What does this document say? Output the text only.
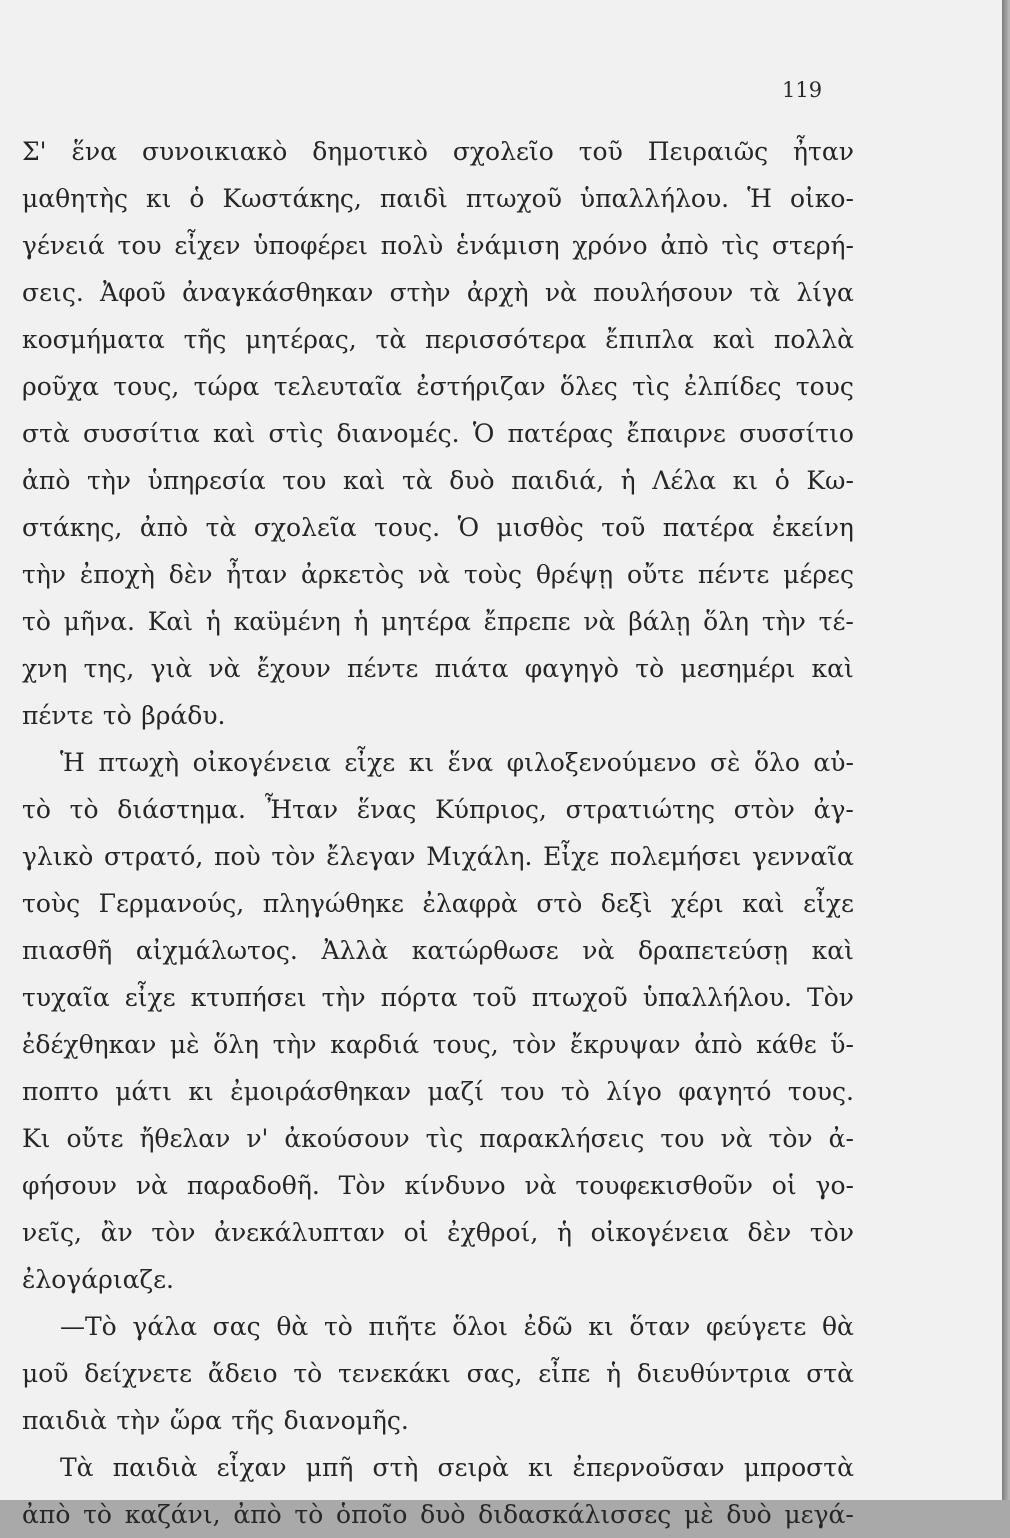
119
Σ' ἕνα συνοικιακὸ δημοτικὸ σχολεῖο τοῦ Πειραιῶς ἦταν
μαθητὴς κι ὁ Κωστάκης, παιδὶ πτωχοῦ ὑπαλλήλου. Ἡ οἰκο-
γένειά του εἶχεν ὑποφέρει πολὺ ἑνάμιση χρόνο ἀπὸ τὶς στερή-
σεις. Ἀφοῦ ἀναγκάσθηκαν στὴν ἀρχὴ νὰ πουλήσουν τὰ λίγα
κοσμήματα τῆς μητέρας, τὰ περισσότερα ἔπιπλα καὶ πολλὰ
ροῦχα τους, τώρα τελευταῖα ἐστήριζαν ὅλες τὶς ἐλπίδες τους
στὰ συσσίτια καὶ στὶς διανομές. Ὁ πατέρας ἔπαιρνε συσσίτιο
ἀπὸ τὴν ὑπηρεσία του καὶ τὰ δυὸ παιδιά, ἡ Λέλα κι ὁ Κω-
στάκης, ἀπὸ τὰ σχολεῖα τους. Ὁ μισθὸς τοῦ πατέρα ἐκείνη
τὴν ἐποχὴ δὲν ἦταν ἀρκετὸς νὰ τοὺς θρέψῃ οὔτε πέντε μέρες
τὸ μῆνα. Καὶ ἡ καϋμένη ἡ μητέρα ἔπρεπε νὰ βάλῃ ὅλη τὴν τέ-
χνη της, γιὰ νὰ ἔχουν πέντε πιάτα φαγηγὸ τὸ μεσημέρι καὶ
πέντε τὸ βράδυ.
Ἡ πτωχὴ οἰκογένεια εἶχε κι ἕνα φιλοξενούμενο σὲ ὅλο αὐ-
τὸ τὸ διάστημα. Ἦταν ἕνας Κύπριος, στρατιώτης στὸν ἀγ-
γλικὸ στρατό, ποὺ τὸν ἔλεγαν Μιχάλη. Εἶχε πολεμήσει γενναῖα
τοὺς Γερμανούς, πληγώθηκε ἐλαφρὰ στὸ δεξὶ χέρι καὶ εἶχε
πιασθῆ αἰχμάλωτος. Ἀλλὰ κατώρθωσε νὰ δραπετεύσῃ καὶ
τυχαῖα εἶχε κτυπήσει τὴν πόρτα τοῦ πτωχοῦ ὑπαλλήλου. Τὸν
ἐδέχθηκαν μὲ ὅλη τὴν καρδιά τους, τὸν ἔκρυψαν ἀπὸ κάθε ὕ-
ποπτο μάτι κι ἐμοιράσθηκαν μαζί του τὸ λίγο φαγητό τους.
Κι οὔτε ἤθελαν ν' ἀκούσουν τὶς παρακλήσεις του νὰ τὸν ἀ-
φήσουν νὰ παραδοθῆ. Τὸν κίνδυνο νὰ τουφεκισθοῦν οἱ γο-
νεῖς, ἂν τὸν ἀνεκάλυπταν οἱ ἐχθροί, ἡ οἰκογένεια δὲν τὸν
ἐλογάριαζε.
—Τὸ γάλα σας θὰ τὸ πιῆτε ὅλοι ἐδῶ κι ὅταν φεύγετε θὰ
μοῦ δείχνετε ἄδειο τὸ τενεκάκι σας, εἶπε ἡ διευθύντρια στὰ
παιδιὰ τὴν ὥρα τῆς διανομῆς.
Τὰ παιδιὰ εἶχαν μπῆ στὴ σειρὰ κι ἐπερνοῦσαν μπροστὰ
ἀπὸ τὸ καζάνι, ἀπὸ τὸ ὁποῖο δυὸ διδασκάλισσες μὲ δυὸ μεγά-
